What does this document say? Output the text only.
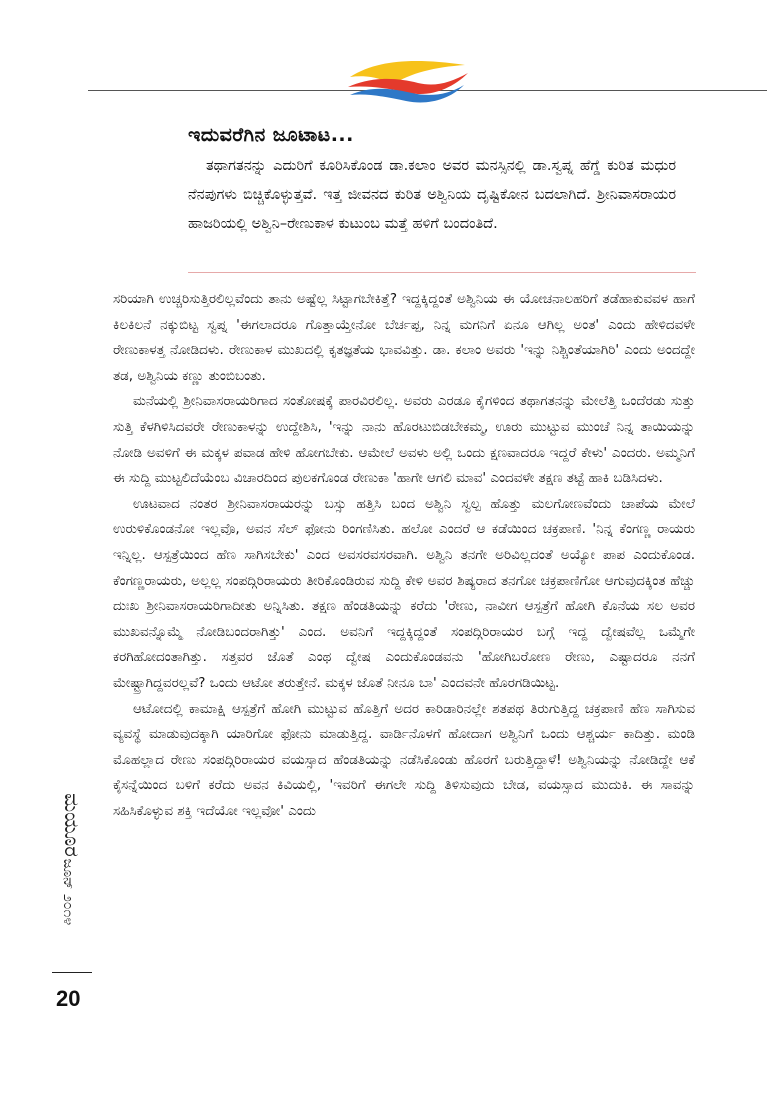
ಇದುವರೆಗಿನ ಜೂಟಾಟ...
ತಥಾಗತನನ್ನು ಎದುರಿಗೆ ಕೂರಿಸಿಕೊಂಡ ಡಾ.ಕಲಾಂ ಅವರ ಮನಸ್ಸಿನಲ್ಲಿ ಡಾ.ಸ್ವಪ್ನ ಹೆಗ್ಡೆ ಕುರಿತ ಮಧುರ ನೆನಪುಗಳು ಬಿಚ್ಚಿಕೊಳ್ಳುತ್ತವೆ. ಇತ್ತ ಜೀವನದ ಕುರಿತ ಅಶ್ವಿನಿಯ ದೃಷ್ಟಿಕೋನ ಬದಲಾಗಿದೆ. ಶ್ರೀನಿವಾಸರಾಯರ ಹಾಜರಿಯಲ್ಲಿ ಅಶ್ವಿನಿ–ರೇಣುಕಾಳ ಕುಟುಂಬ ಮತ್ತೆ ಹಳಿಗೆ ಬಂದಂತಿದೆ.

ಸರಿಯಾಗಿ ಉಚ್ಚರಿಸುತ್ತಿರಲಿಲ್ಲವೆಂದು ತಾನು ಅಷ್ಟೆಲ್ಲ ಸಿಟ್ಟಾಗಬೇಕಿತ್ತೆ? ಇದ್ದಕ್ಕಿದ್ದಂತೆ ಅಶ್ವಿನಿಯ ಈ ಯೋಚನಾಲಹರಿಗೆ ತಡೆಹಾಕುವವಳ ಹಾಗೆ ಕಿಲಕಿಲನೆ ನಕ್ಕುಬಿಟ್ಟ ಸ್ವಪ್ನ 'ಈಗಲಾದರೂ ಗೊತ್ತಾಯ್ತೇನೋ ಬೆರ್ಚಪ್ಪ, ನಿನ್ನ ಮಗನಿಗೆ ಏನೂ ಆಗಿಲ್ಲ ಅಂತ' ಎಂದು ಹೇಳಿದವಳೇ ರೇಣುಕಾಳತ್ತ ನೋಡಿದಳು. ರೇಣುಕಾಳ ಮುಖದಲ್ಲಿ ಕೃತಜ್ಞತೆಯ ಭಾವವಿತ್ತು. ಡಾ. ಕಲಾಂ ಅವರು 'ಇನ್ನು ನಿಶ್ಚಿಂತೆಯಾಗಿರಿ' ಎಂದು ಅಂದದ್ದೇ ತಡ, ಅಶ್ವಿನಿಯ ಕಣ್ಣು ತುಂಬಿಬಂತು.

ಮನೆಯಲ್ಲಿ ಶ್ರೀನಿವಾಸರಾಯರಿಗಾದ ಸಂತೋಷಕ್ಕೆ ಪಾರವಿರಲಿಲ್ಲ. ಅವರು ಎರಡೂ ಕೈಗಳಿಂದ ತಥಾಗತನನ್ನು ಮೇಲೆತ್ತಿ ಒಂದೆರಡು ಸುತ್ತು ಸುತ್ತಿ ಕೆಳಗಿಳಿಸಿದವರೇ ರೇಣುಕಾಳನ್ನು ಉದ್ದೇಶಿಸಿ, 'ಇನ್ನು ನಾನು ಹೊರಟುಬಿಡಬೇಕಮ್ಮ, ಊರು ಮುಟ್ಟುವ ಮುಂಚೆ ನಿನ್ನ ತಾಯಿಯನ್ನು ನೋಡಿ ಅವಳಿಗೆ ಈ ಮಕ್ಕಳ ಪವಾಡ ಹೇಳಿ ಹೋಗಬೇಕು. ಆಮೇಲೆ ಅವಳು ಅಲ್ಲಿ ಒಂದು ಕ್ಷಣವಾದರೂ ಇದ್ದರೆ ಕೇಳು' ಎಂದರು. ಅಮ್ಮನಿಗೆ ಈ ಸುದ್ದಿ ಮುಟ್ಟಲಿದೆಯೆಂಬ ವಿಚಾರದಿಂದ ಪುಲಕಗೊಂಡ ರೇಣುಕಾ 'ಹಾಗೇ ಆಗಲಿ ಮಾವ' ಎಂದವಳೇ ತಕ್ಷಣ ತಟ್ಟೆ ಹಾಕಿ ಬಡಿಸಿದಳು.

ಊಟವಾದ ನಂತರ ಶ್ರೀನಿವಾಸರಾಯರನ್ನು ಬಸ್ಸು ಹತ್ತಿಸಿ ಬಂದ ಅಶ್ವಿನಿ ಸ್ವಲ್ಪ ಹೊತ್ತು ಮಲಗೋಣವೆಂದು ಚಾಪೆಯ ಮೇಲೆ ಉರುಳಿಕೊಂಡನೋ ಇಲ್ಲವೊ, ಅವನ ಸೆಲ್ ಫೋನು ರಿಂಗಣಿಸಿತು. ಹಲೋ ಎಂದರೆ ಆ ಕಡೆಯಿಂದ ಚಕ್ರಪಾಣಿ. 'ನಿನ್ನ ಕೆಂಗಣ್ಣ ರಾಯರು ಇನ್ನಿಲ್ಲ. ಆಸ್ಪತ್ರೆಯಿಂದ ಹೆಣ ಸಾಗಿಸಬೇಕು' ಎಂದ ಅವಸರವಸರವಾಗಿ. ಅಶ್ವಿನಿ ತನಗೇ ಅರಿವಿಲ್ಲದಂತೆ ಅಯ್ಯೋ ಪಾಪ ಎಂದುಕೊಂಡ. ಕೆಂಗಣ್ಣರಾಯರು, ಅಲ್ಲಲ್ಲ ಸಂಪದ್ಗಿರಿರಾಯರು ತೀರಿಕೊಂಡಿರುವ ಸುದ್ದಿ ಕೇಳಿ ಅವರ ಶಿಷ್ಯರಾದ ತನಗೋ ಚಕ್ರಪಾಣಿಗೋ ಆಗುವುದಕ್ಕಿಂತ ಹೆಚ್ಚು ದುಃಖ ಶ್ರೀನಿವಾಸರಾಯರಿಗಾದೀತು ಅನ್ನಿಸಿತು. ತಕ್ಷಣ ಹೆಂಡತಿಯನ್ನು ಕರೆದು 'ರೇಣು, ನಾವೀಗ ಆಸ್ಪತ್ರೆಗೆ ಹೋಗಿ ಕೊನೆಯ ಸಲ ಅವರ ಮುಖವನ್ನೊಮ್ಮೆ ನೋಡಿಬಂದರಾಗಿತ್ತು' ಎಂದ. ಅವನಿಗೆ ಇದ್ದಕ್ಕಿದ್ದಂತೆ ಸಂಪದ್ಗಿರಿರಾಯರ ಬಗ್ಗೆ ಇದ್ದ ದ್ವೇಷವೆಲ್ಲ ಒಮ್ಮೆಗೇ ಕರಗಿಹೋದಂತಾಗಿತ್ತು. ಸತ್ತವರ ಜೊತೆ ಎಂಥ ದ್ವೇಷ ಎಂದುಕೊಂಡವನು 'ಹೋಗಿಬರೋಣ ರೇಣು, ಎಷ್ಟಾದರೂ ನನಗೆ ಮೇಷ್ಟ್ರಾಗಿದ್ದವರಲ್ಲವೆ? ಒಂದು ಆಟೋ ತರುತ್ತೇನೆ. ಮಕ್ಕಳ ಜೊತೆ ನೀನೂ ಬಾ' ಎಂದವನೇ ಹೊರಗಡಿಯಿಟ್ಟ.

ಆಟೋದಲ್ಲಿ ಕಾಮಾಕ್ಷಿ ಆಸ್ಪತ್ರೆಗೆ ಹೋಗಿ ಮುಟ್ಟುವ ಹೊತ್ತಿಗೆ ಅದರ ಕಾರಿಡಾರಿನಲ್ಲೇ ಶತಪಥ ತಿರುಗುತ್ತಿದ್ದ ಚಕ್ರಪಾಣಿ ಹೆಣ ಸಾಗಿಸುವ ವ್ಯವಸ್ಥೆ ಮಾಡುವುದಕ್ಕಾಗಿ ಯಾರಿಗೋ ಫೋನು ಮಾಡುತ್ತಿದ್ದ. ವಾರ್ಡಿನೊಳಗೆ ಹೋದಾಗ ಅಶ್ವಿನಿಗೆ ಒಂದು ಆಶ್ಚರ್ಯ ಕಾದಿತ್ತು. ಮಂಡಿ ಮೊಹಲ್ಲಾದ ರೇಣು ಸಂಪದ್ಗಿರಿರಾಯರ ವಯಸ್ಸಾದ ಹೆಂಡತಿಯನ್ನು ನಡೆಸಿಕೊಂಡು ಹೊರಗೆ ಬರುತ್ತಿದ್ದಾಳೆ! ಅಶ್ವಿನಿಯನ್ನು ನೋಡಿದ್ದೇ ಆಕೆ ಕೈಸನ್ನೆಯಿಂದ ಬಳಿಗೆ ಕರೆದು ಅವನ ಕಿವಿಯಲ್ಲಿ, 'ಇವರಿಗೆ ಈಗಲೇ ಸುದ್ದಿ ತಿಳಿಸುವುದು ಬೇಡ, ವಯಸ್ಸಾದ ಮುದುಕಿ. ಈ ಸಾವನ್ನು ಸಹಿಸಿಕೊಳ್ಳುವ ಶಕ್ತಿ ಇದೆಯೋ ಇಲ್ಲವೋ' ಎಂದು

ಮಯೂರ
ಜೂನ್ ೨೦೧೪
20
